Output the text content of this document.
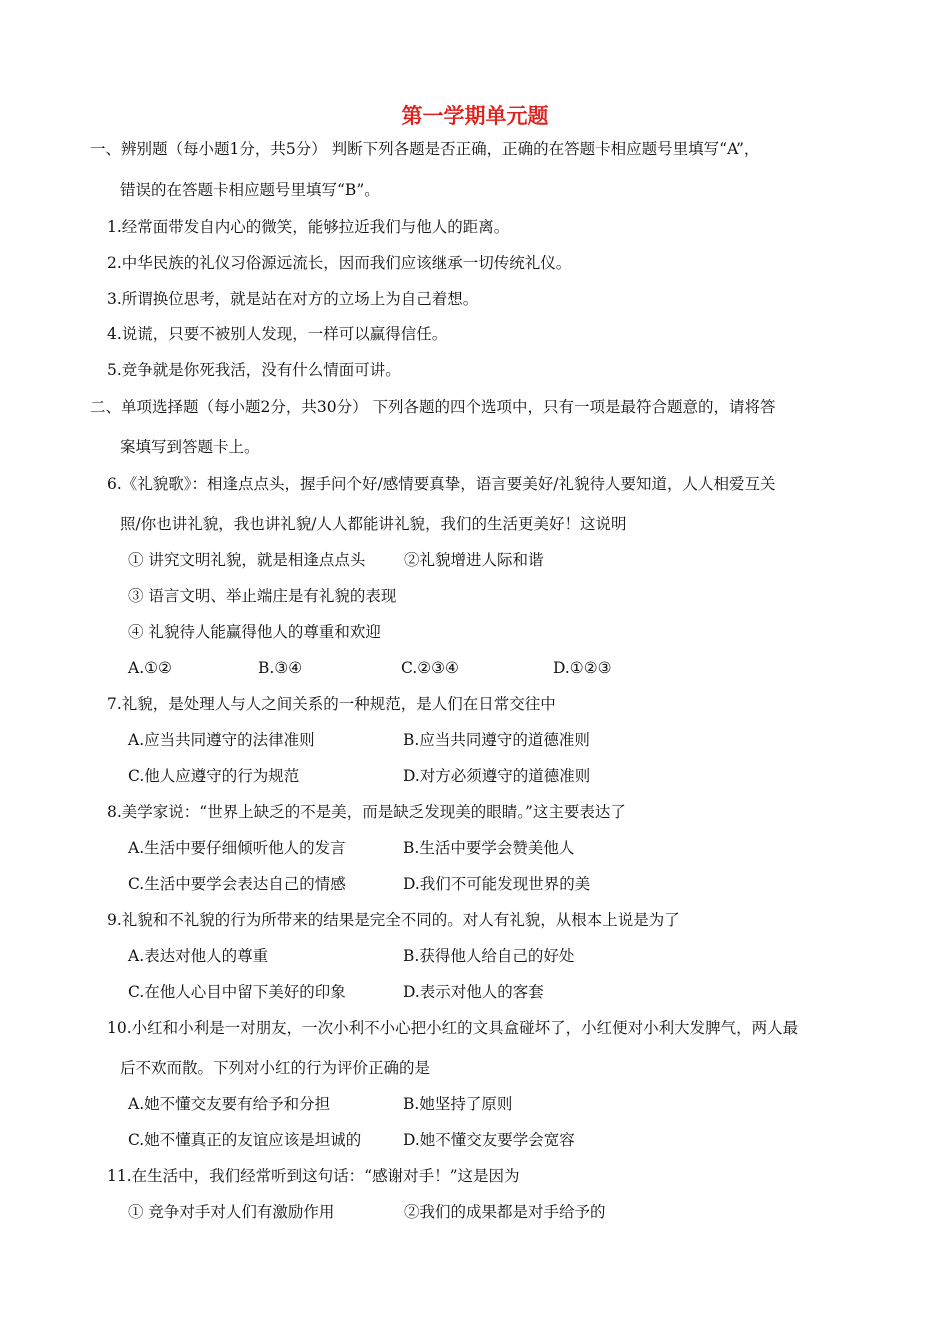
第一学期单元题
一、辨别题（每小题1分，共5分） 判断下列各题是否正确，正确的在答题卡相应题号里填写“A”，
错误的在答题卡相应题号里填写“B”。
1.经常面带发自内心的微笑，能够拉近我们与他人的距离。
2.中华民族的礼仪习俗源远流长，因而我们应该继承一切传统礼仪。
3.所谓换位思考，就是站在对方的立场上为自己着想。
4.说谎，只要不被别人发现，一样可以赢得信任。
5.竞争就是你死我活，没有什么情面可讲。
二、单项选择题（每小题2分，共30分） 下列各题的四个选项中，只有一项是最符合题意的，请将答
案填写到答题卡上。
6.《礼貌歌》：相逢点点头，握手问个好/感情要真挚，语言要美好/礼貌待人要知道，人人相爱互关
照/你也讲礼貌，我也讲礼貌/人人都能讲礼貌，我们的生活更美好！这说明
① 讲究文明礼貌，就是相逢点点头 ②礼貌增进人际和谐
③ 语言文明、举止端庄是有礼貌的表现
④ 礼貌待人能赢得他人的尊重和欢迎
A.①②	B.③④	C.②③④	D.①②③
7.礼貌，是处理人与人之间关系的一种规范，是人们在日常交往中
A.应当共同遵守的法律准则	B.应当共同遵守的道德准则
C.他人应遵守的行为规范	D.对方必须遵守的道德准则
8.美学家说：“世界上缺乏的不是美，而是缺乏发现美的眼睛。”这主要表达了
A.生活中要仔细倾听他人的发言	B.生活中要学会赞美他人
C.生活中要学会表达自己的情感	D.我们不可能发现世界的美
9.礼貌和不礼貌的行为所带来的结果是完全不同的。对人有礼貌，从根本上说是为了
A.表达对他人的尊重	B.获得他人给自己的好处
C.在他人心目中留下美好的印象	D.表示对他人的客套
10.小红和小利是一对朋友，一次小利不小心把小红的文具盒碰坏了，小红便对小利大发脾气，两人最
后不欢而散。下列对小红的行为评价正确的是
A.她不懂交友要有给予和分担	B.她坚持了原则
C.她不懂真正的友谊应该是坦诚的	D.她不懂交友要学会宽容
11.在生活中，我们经常听到这句话：“感谢对手！”这是因为
① 竞争对手对人们有激励作用	②我们的成果都是对手给予的
